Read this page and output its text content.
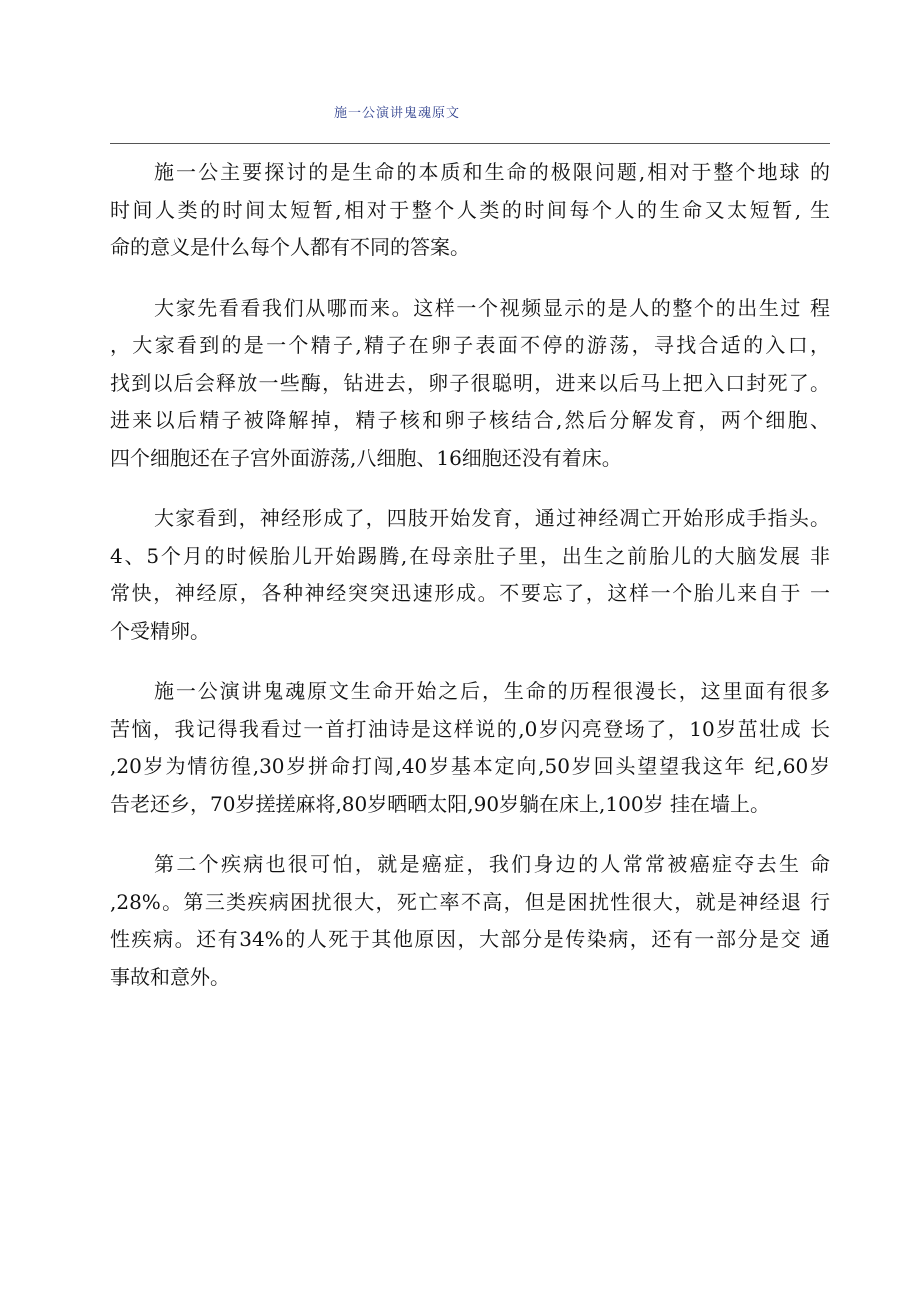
施一公演讲鬼魂原文

施一公主要探讨的是生命的本质和生命的极限问题,相对于整个地球 的
时间人类的时间太短暂,相对于整个人类的时间每个人的生命又太短暂, 生
命的意义是什么每个人都有不同的答案。

大家先看看我们从哪而来。这样一个视频显示的是人的整个的出生过 程
，大家看到的是一个精子,精子在卵子表面不停的游荡，寻找合适的入口，
找到以后会释放一些酶，钻进去，卵子很聪明，进来以后马上把入口封死了。
进来以后精子被降解掉，精子核和卵子核结合,然后分解发育，两个细胞、
四个细胞还在子宫外面游荡,八细胞、16细胞还没有着床。

大家看到，神经形成了，四肢开始发育，通过神经凋亡开始形成手指头。
4、5个月的时候胎儿开始踢腾,在母亲肚子里，出生之前胎儿的大脑发展 非
常快，神经原，各种神经突突迅速形成。不要忘了，这样一个胎儿来自于 一
个受精卵。

施一公演讲鬼魂原文生命开始之后，生命的历程很漫长，这里面有很多
苦恼，我记得我看过一首打油诗是这样说的,0岁闪亮登场了，10岁茁壮成 长
,20岁为情彷徨,30岁拼命打闯,40岁基本定向,50岁回头望望我这年 纪,60岁
告老还乡，70岁搓搓麻将,80岁晒晒太阳,90岁躺在床上,100岁 挂在墙上。

第二个疾病也很可怕，就是癌症，我们身边的人常常被癌症夺去生 命
,28%。第三类疾病困扰很大，死亡率不高，但是困扰性很大，就是神经退 行
性疾病。还有34%的人死于其他原因，大部分是传染病，还有一部分是交 通
事故和意外。
